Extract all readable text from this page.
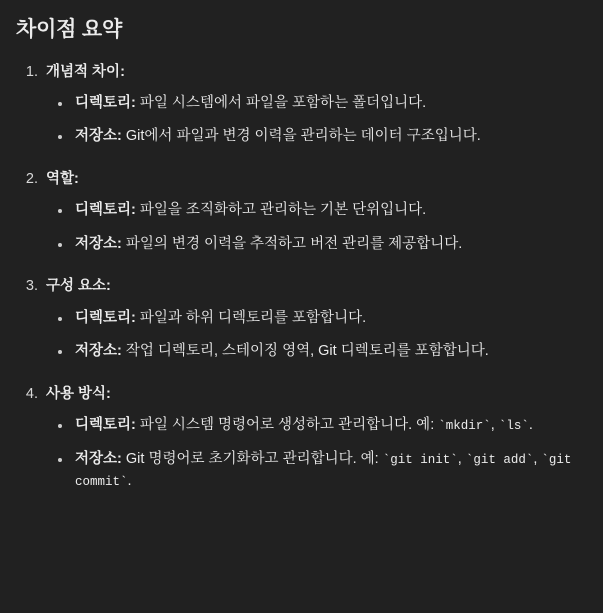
차이점 요약
1. 개념적 차이:
• 디렉토리: 파일 시스템에서 파일을 포함하는 폴더입니다.
• 저장소: Git에서 파일과 변경 이력을 관리하는 데이터 구조입니다.
2. 역할:
• 디렉토리: 파일을 조직화하고 관리하는 기본 단위입니다.
• 저장소: 파일의 변경 이력을 추적하고 버전 관리를 제공합니다.
3. 구성 요소:
• 디렉토리: 파일과 하위 디렉토리를 포함합니다.
• 저장소: 작업 디렉토리, 스테이징 영역, Git 디렉토리를 포함합니다.
4. 사용 방식:
• 디렉토리: 파일 시스템 명령어로 생성하고 관리합니다. 예: `mkdir`, `ls`.
• 저장소: Git 명령어로 초기화하고 관리합니다. 예: `git init`, `git add`, `git commit`.
